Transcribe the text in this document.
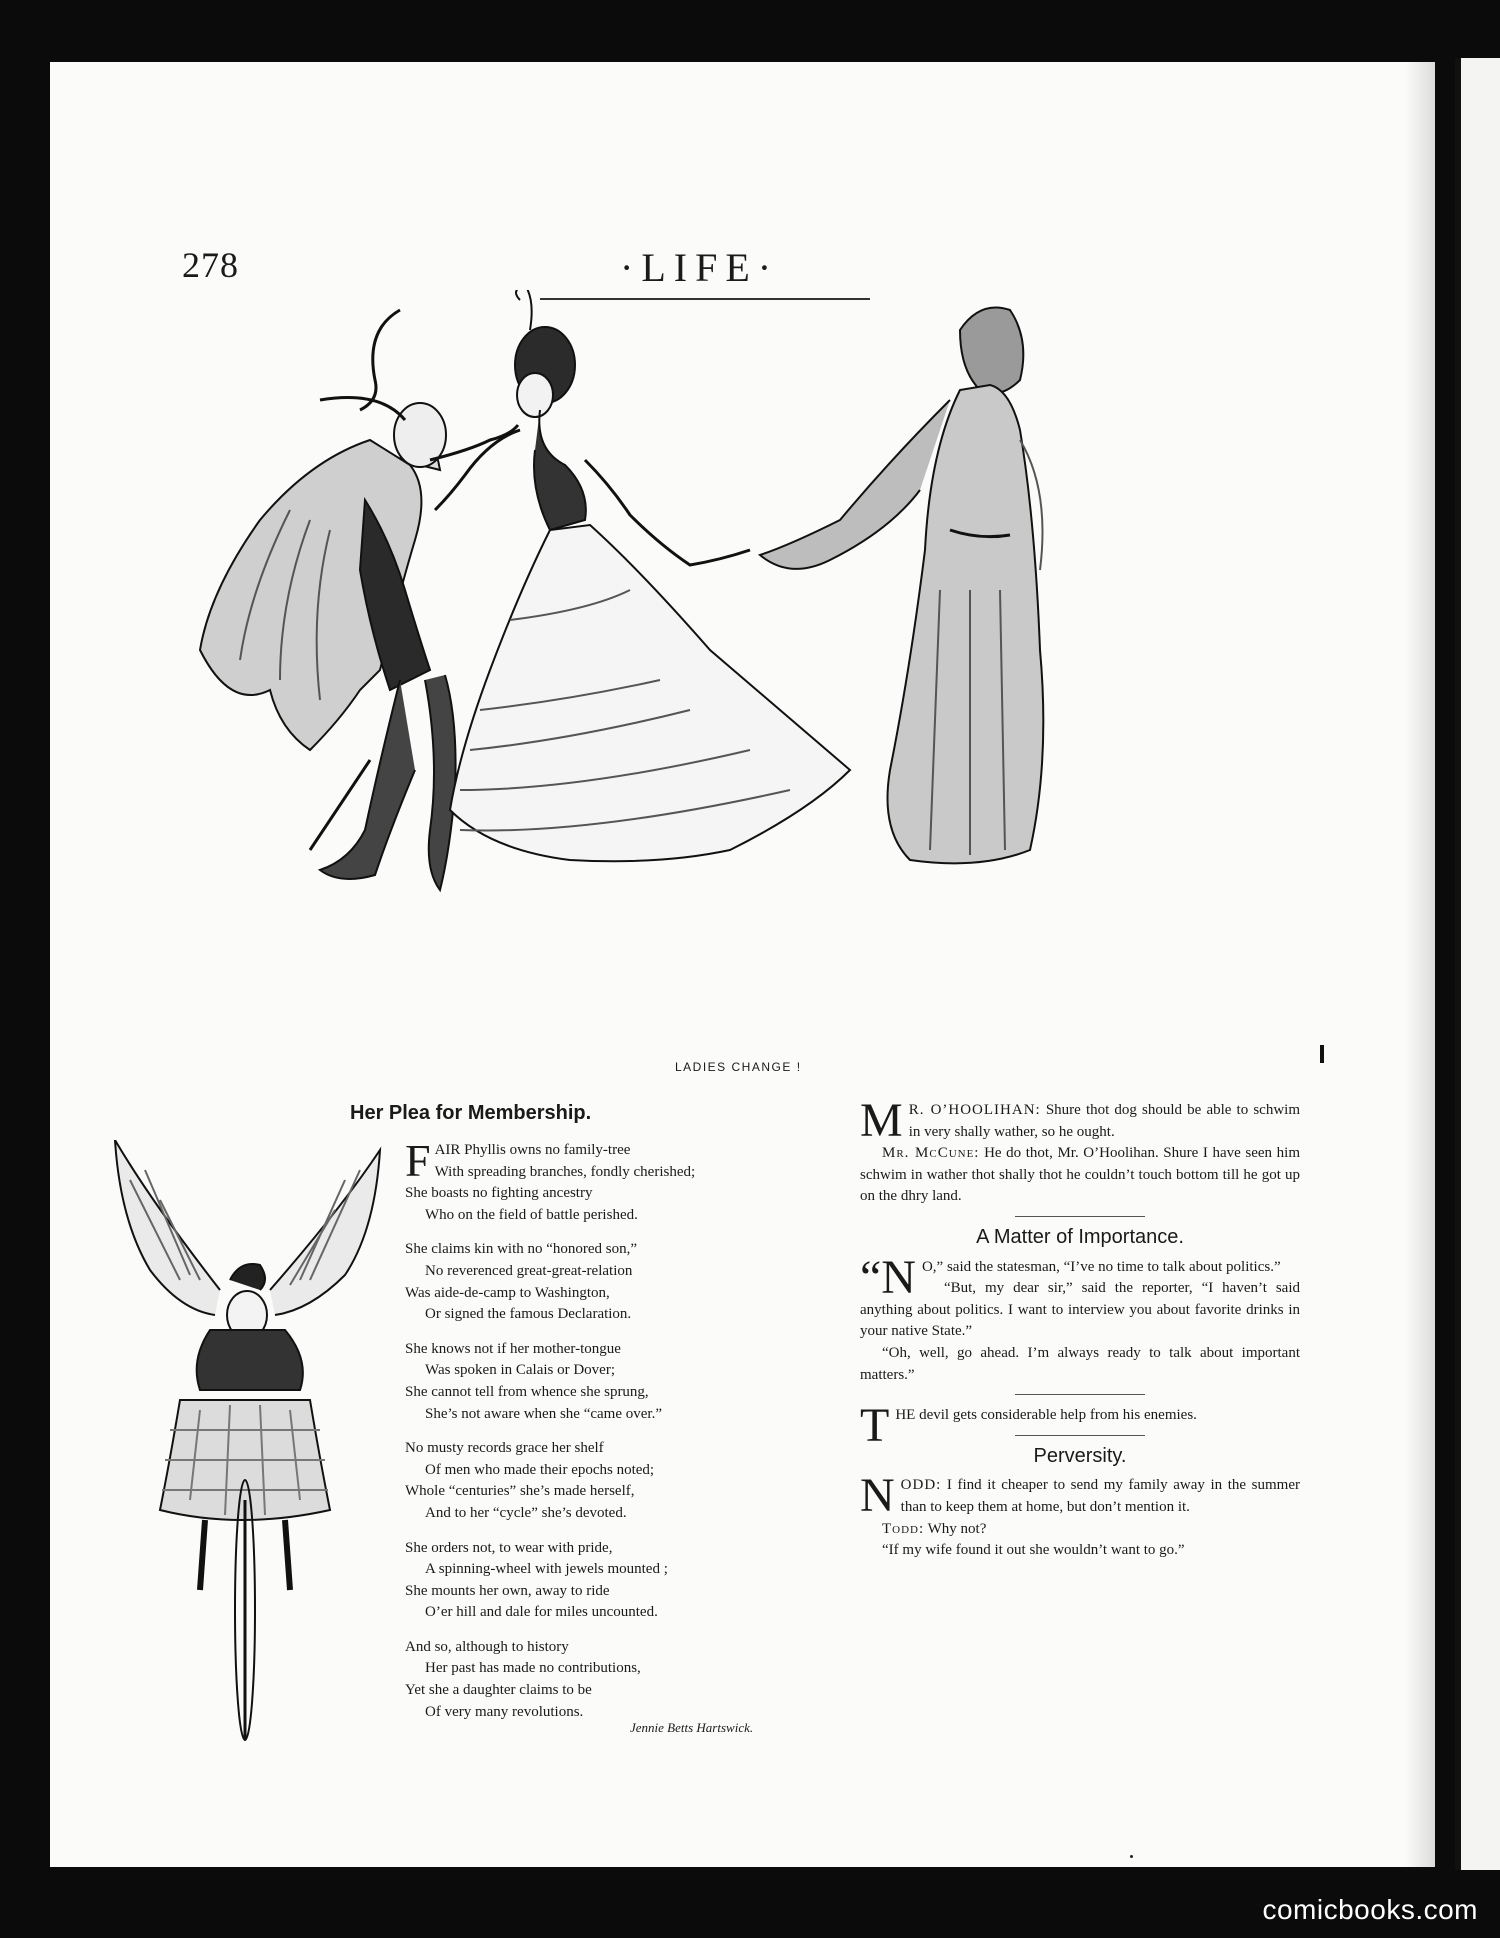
278	·LIFE·
LADIES CHANGE !
Her Plea for Membership.
F AIR Phyllis owns no family-tree
With spreading branches, fondly cherished;
She boasts no fighting ancestry
Who on the field of battle perished.
She claims kin with no “honored son,”
No reverenced great-great-relation
Was aide-de-camp to Washington,
Or signed the famous Declaration.
She knows not if her mother-tongue
Was spoken in Calais or Dover;
She cannot tell from whence she sprung,
She’s not aware when she “came over.”
No musty records grace her shelf
Of men who made their epochs noted;
Whole “centuries” she’s made herself,
And to her “cycle” she’s devoted.
She orders not, to wear with pride,
A spinning-wheel with jewels mounted ;
She mounts her own, away to ride
O’er hill and dale for miles uncounted.
And so, although to history
Her past has made no contributions,
Yet she a daughter claims to be
Of very many revolutions.
Jennie Betts Hartswick.

M R. O’HOOLIHAN: Shure thot dog should be able to schwim in very shally wather, so he ought.

Mr. McCune: He do thot, Mr. O’Hoolihan. Shure I have seen him schwim in wather thot shally thot he couldn’t touch bottom till he got up on the dhry land.

A Matter of Importance.

“N O,” said the statesman, “I’ve no time to talk about politics.”

“But, my dear sir,” said the reporter, “I haven’t said anything about politics. I want to interview you about favorite drinks in your native State.”

“Oh, well, go ahead. I’m always ready to talk about important matters.”

THE devil gets considerable help from his enemies.

Perversity.

NODD: I find it cheaper to send my family away in the summer than to keep them at home, but don’t mention it.

Todd: Why not?

“If my wife found it out she wouldn’t want to go.”

comicbooks.com
